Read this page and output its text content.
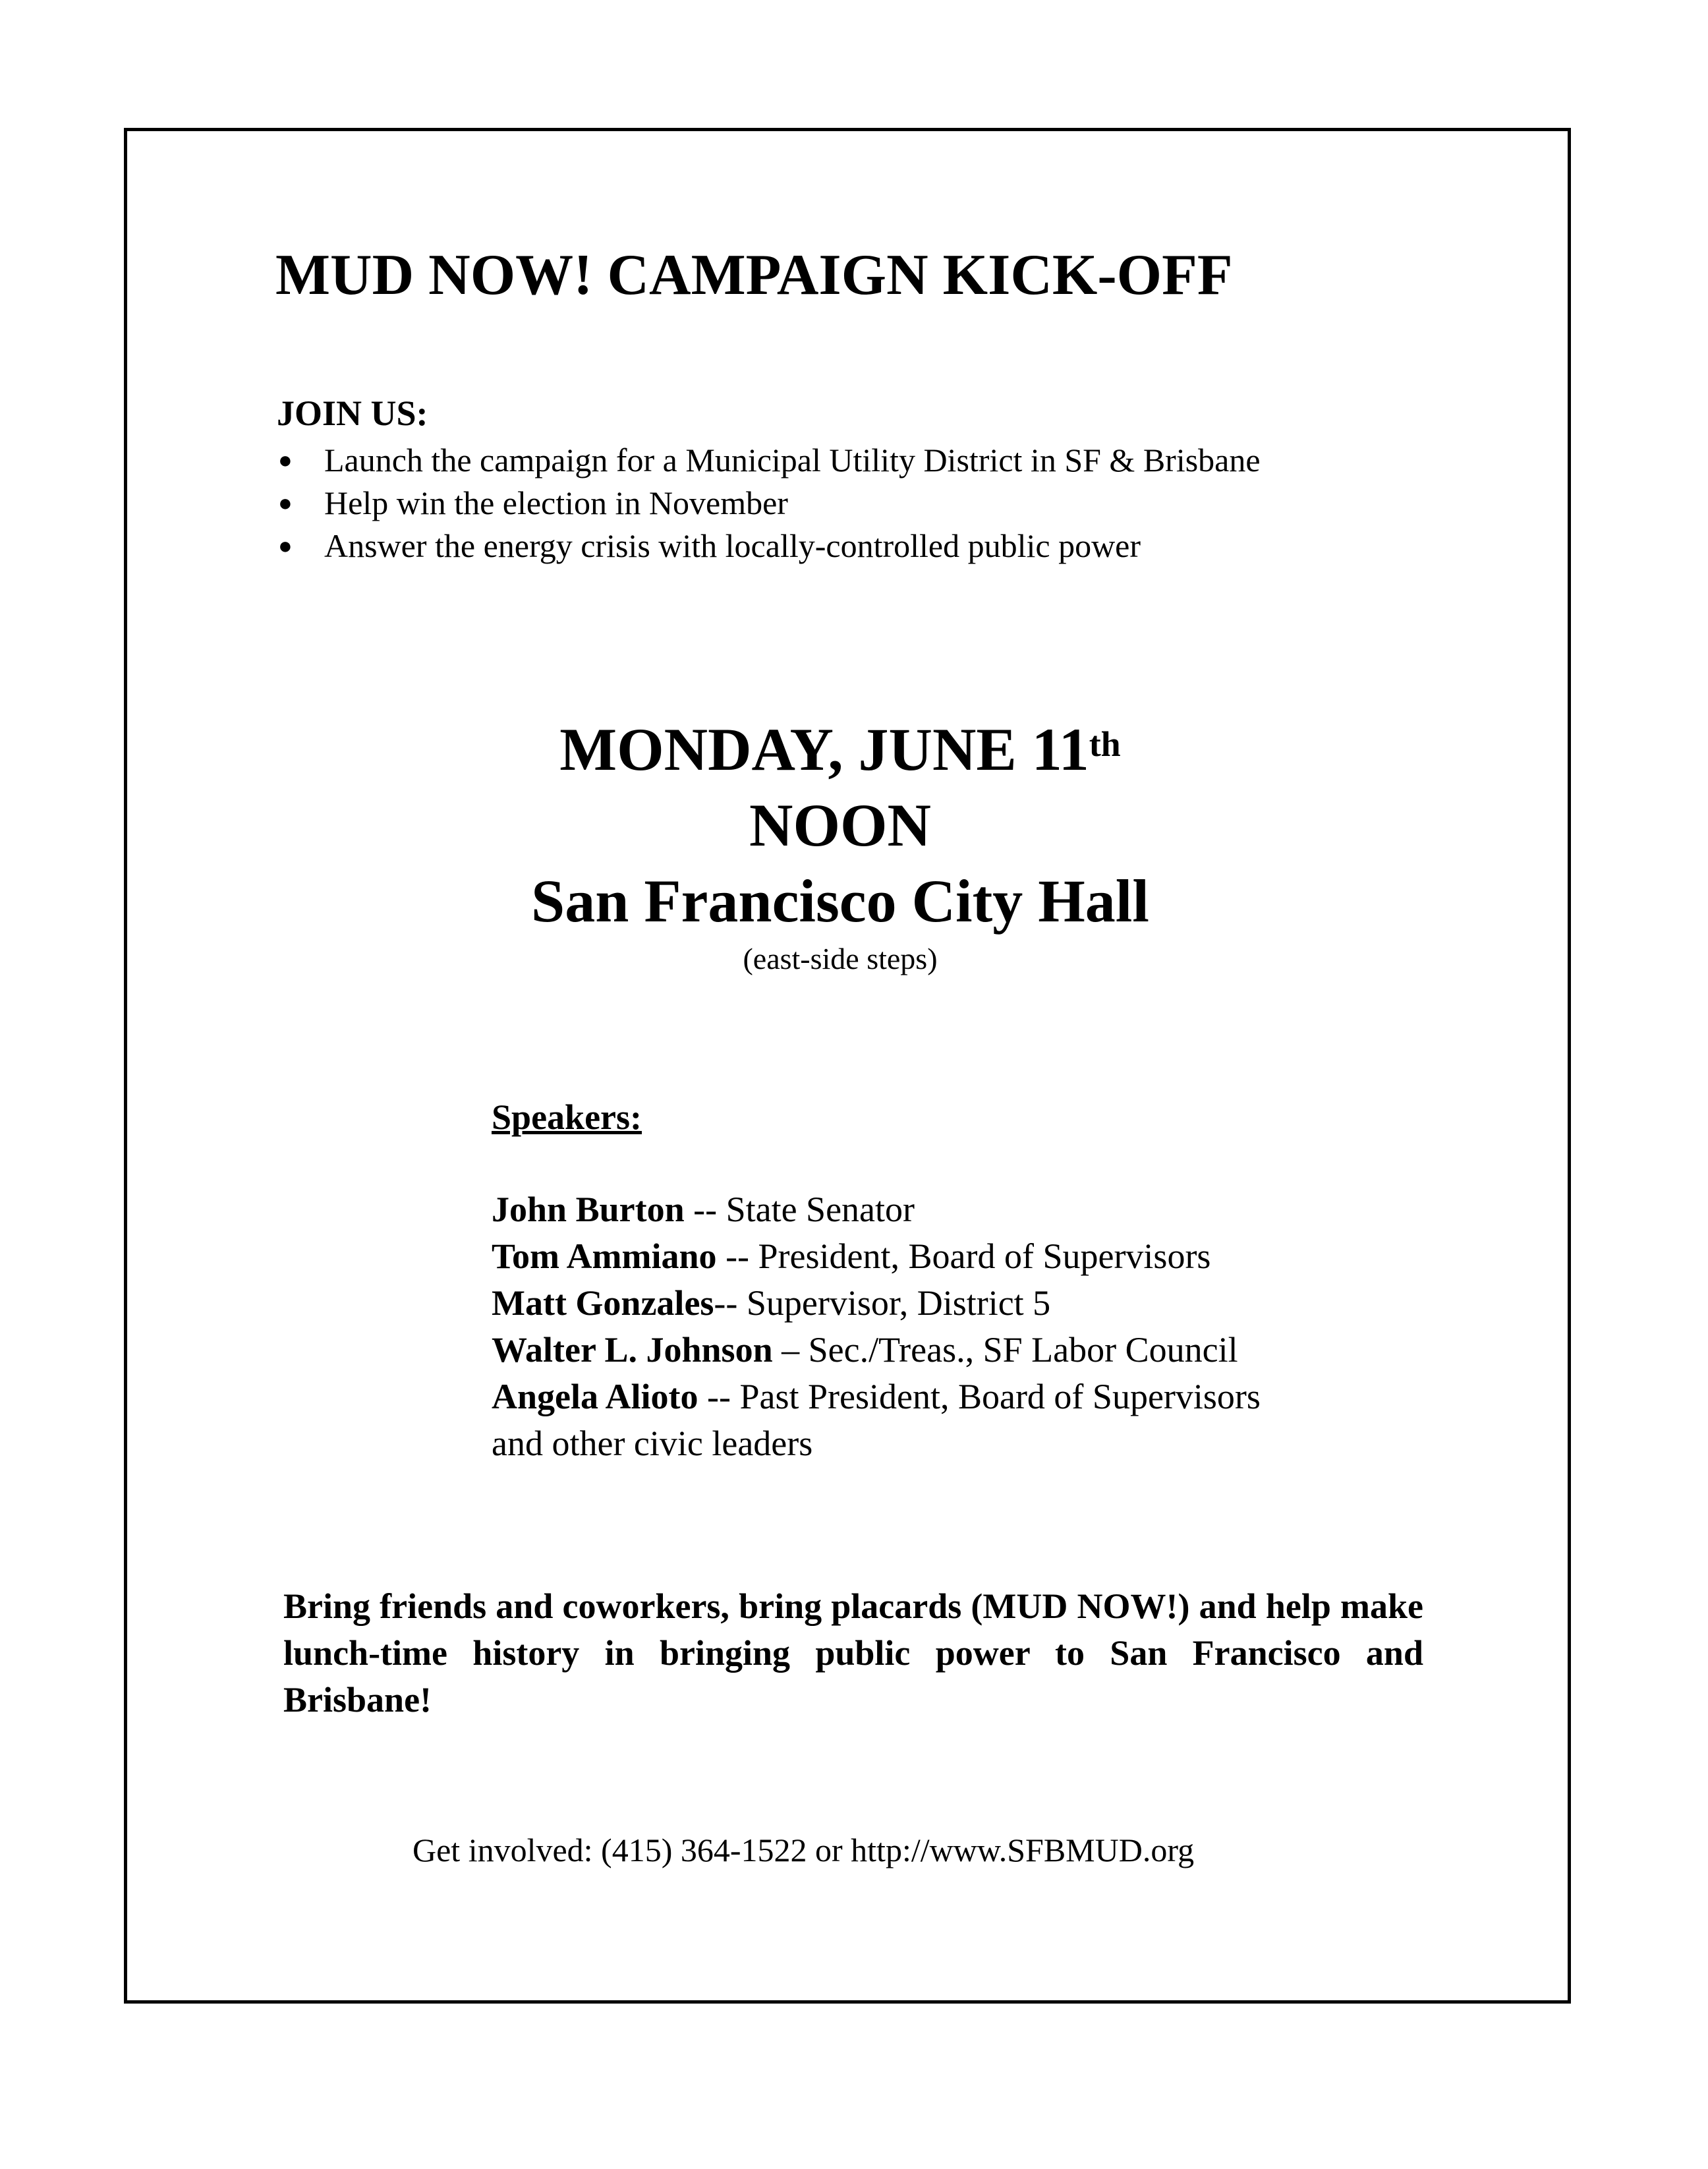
MUD NOW! CAMPAIGN KICK-OFF
JOIN US:
● Launch the campaign for a Municipal Utility District in SF & Brisbane
● Help win the election in November
● Answer the energy crisis with locally-controlled public power
MONDAY, JUNE 11th
NOON
San Francisco City Hall
(east-side steps)
Speakers:
John Burton -- State Senator
Tom Ammiano -- President, Board of Supervisors
Matt Gonzales-- Supervisor, District 5
Walter L. Johnson – Sec./Treas., SF Labor Council
Angela Alioto -- Past President, Board of Supervisors
and other civic leaders
Bring friends and coworkers, bring placards (MUD NOW!) and help make lunch-time history in bringing public power to San Francisco and Brisbane!
Get involved: (415) 364-1522 or http://www.SFBMUD.org
